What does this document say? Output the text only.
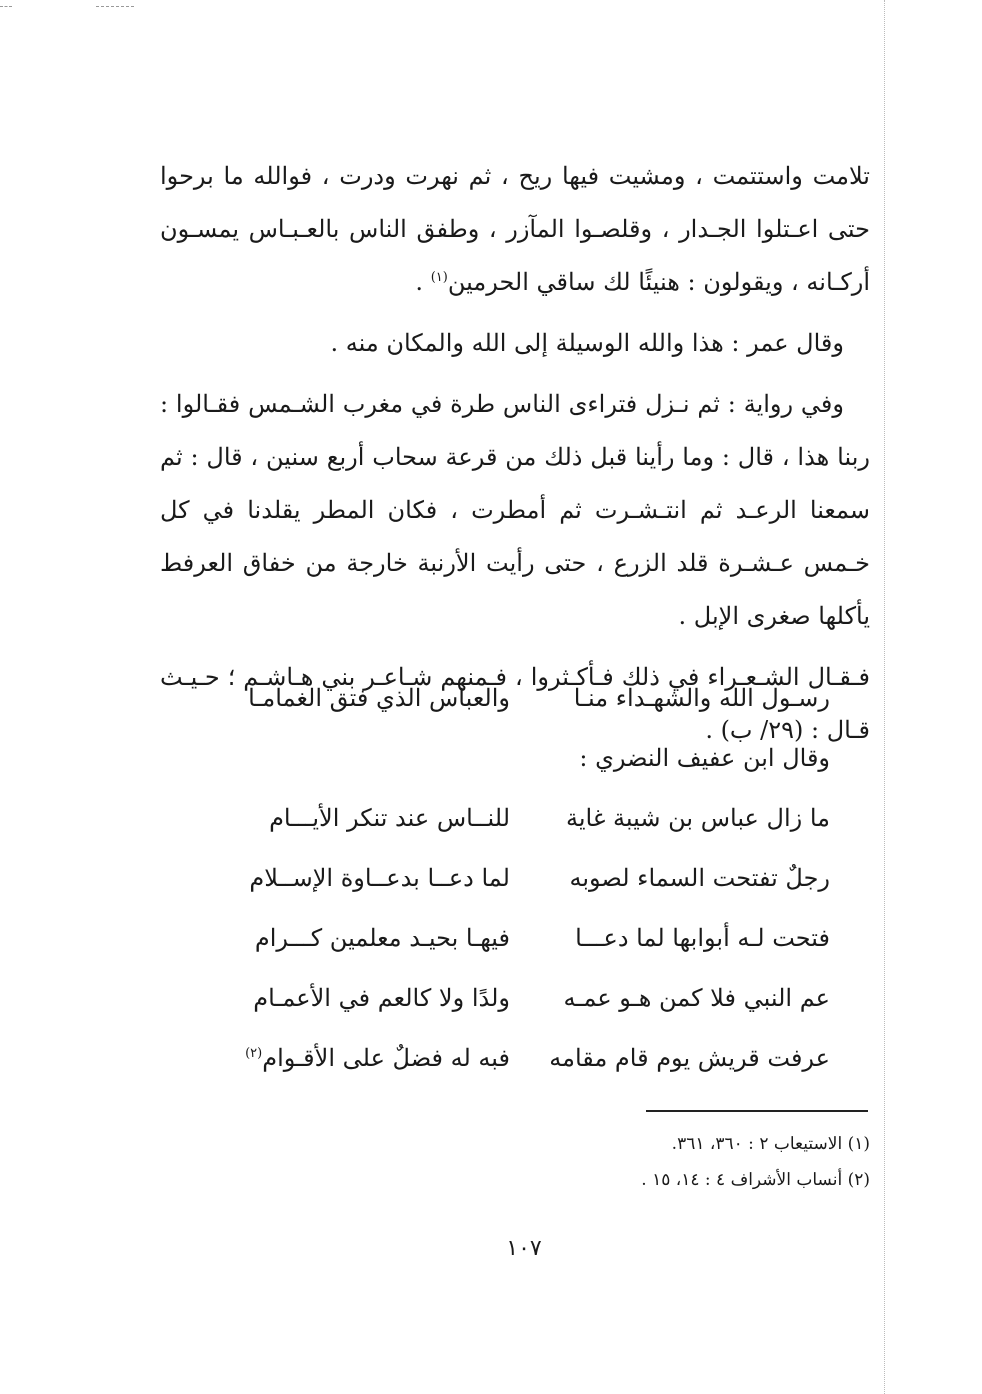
تلامت واستتمت ، ومشيت فيها ريح ، ثم نهرت ودرت ، فوالله ما برحوا حتى اعـتلوا الجـدار ، وقلصـوا المآزر ، وطفق الناس بالعـبـاس يمسـون أركـانه ، ويقولون : هنيئًا لك ساقي الحرمين$^{(١)}$ .

وقال عمر : هذا والله الوسيلة إلى الله والمكان منه .

وفي رواية : ثم نـزل فتراءى الناس طرة في مغرب الشـمس فقـالوا : ربنا هذا ، قال : وما رأينا قبل ذلك من قرعة سحاب أربع سنين ، قال : ثم سمعنا الرعـد ثم انتـشـرت ثم أمطرت ، فكان المطر يقلدنا في كل خـمس عـشـرة قلد الزرع ، حتى رأيت الأرنبة خارجة من خفاق العرفط يأكلها صغرى الإبل .

فـقـال الشـعـراء في ذلك فـأكـثروا ، فـمنهم شـاعـر بني هـاشـم ؛ حـيـث قـال : (٢٩/ ب) .

رسـول الله والشهـداء منـا
والعباس الذي فتق الغمامـا
وقال ابن عفيف النضري :
ما زال عباس بن شيبة غاية
للنــاس عند تنكر الأيـــام
رجلٌ تفتحت السماء لصوبه
لما دعــا بدعــاوة الإســلام
فتحت لـه أبوابها لما دعـــا
فيهـا بحيـد معلمين كـــرام
عم النبي فلا كمن هـو عمـه
ولدًا ولا كالعم في الأعمـام
عرفت قريش يوم قام مقامه
فبه له فضلٌ على الأقـوام$^{(٢)}$

(١) الاستيعاب ٢ : ٣٦٠، ٣٦١.

(٢) أنساب الأشراف ٤ : ١٤، ١٥ .

١٠٧
